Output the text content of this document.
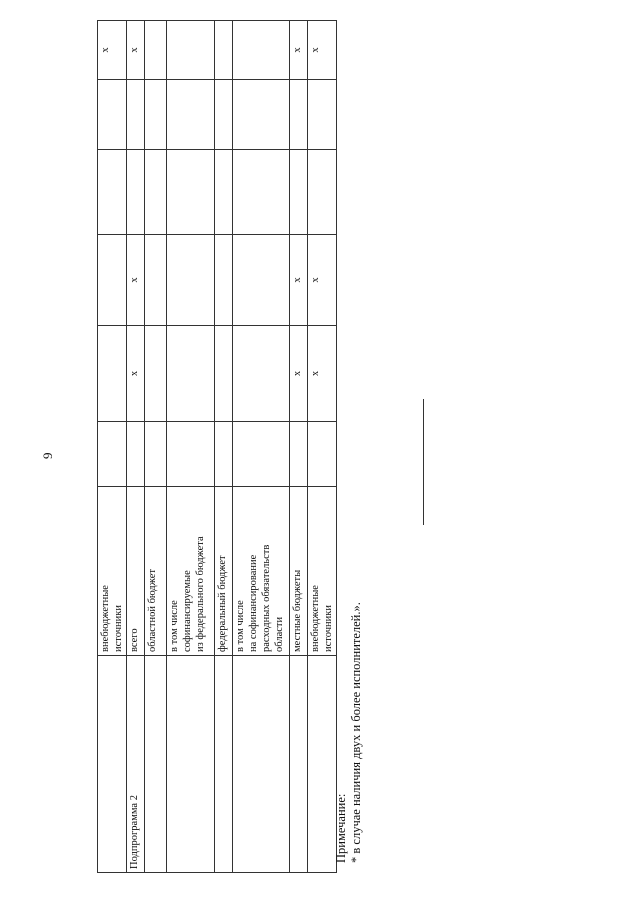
9
	внебюджетные
источники						х
Подпрограмма 2	всего		х	х			х
	областной бюджет						
	в том числе
софинансируемые
из федерального бюджета						
	федеральный бюджет						
	в том числе
на софинансирование
расходных обязательств
области						
	местные бюджеты		х	х			х
	внебюджетные
источники		х	х			х
Примечание: * в случае наличия двух и более исполнителей.».
